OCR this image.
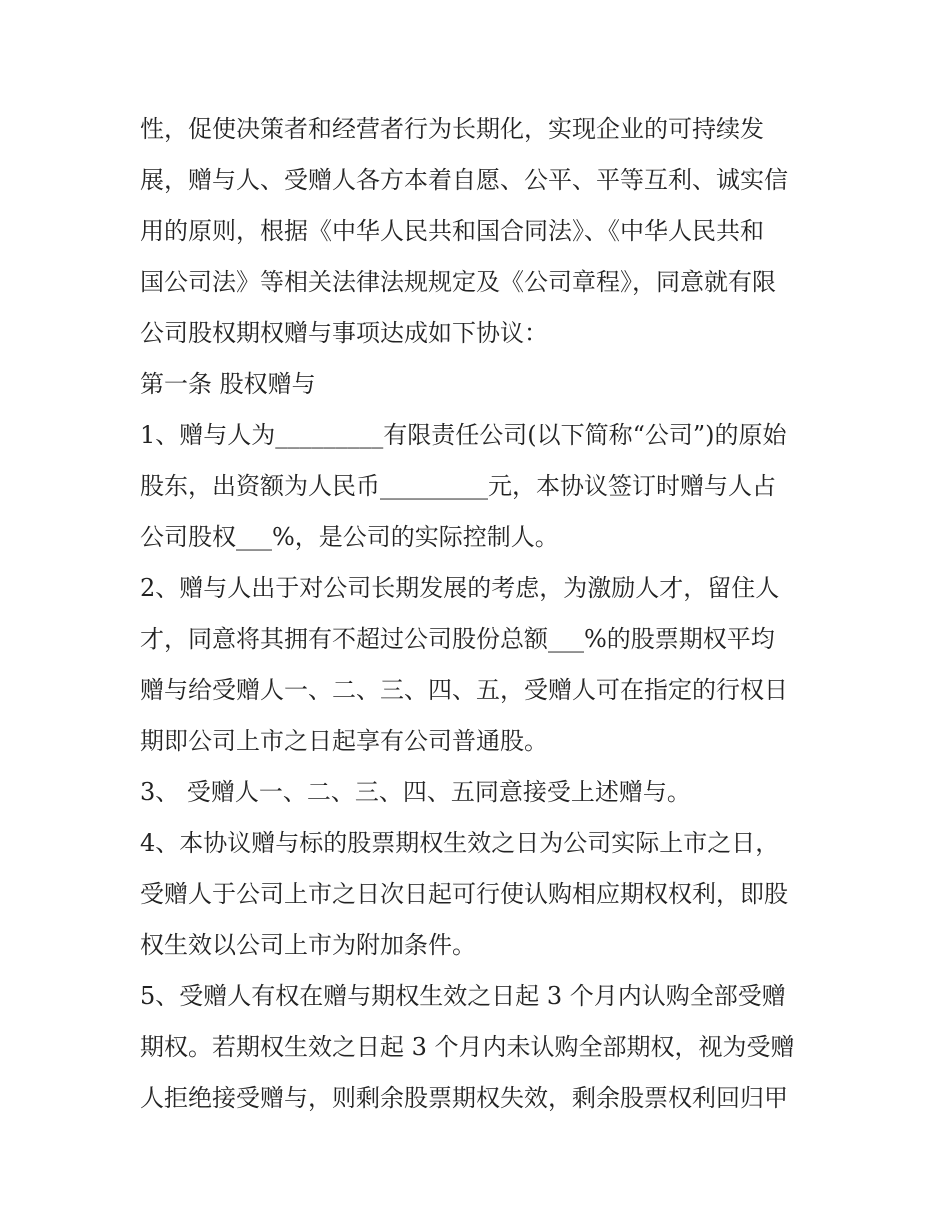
性，促使决策者和经营者行为长期化，实现企业的可持续发
展，赠与人、受赠人各方本着自愿、公平、平等互利、诚实信
用的原则，根据《中华人民共和国合同法》、《中华人民共和
国公司法》等相关法律法规规定及《公司章程》，同意就有限
公司股权期权赠与事项达成如下协议：
第一条 股权赠与
1、赠与人为_________有限责任公司(以下简称“公司”)的原始
股东，出资额为人民币_________元，本协议签订时赠与人占
公司股权___%，是公司的实际控制人。
2、赠与人出于对公司长期发展的考虑，为激励人才，留住人
才，同意将其拥有不超过公司股份总额___%的股票期权平均
赠与给受赠人一、二、三、四、五，受赠人可在指定的行权日
期即公司上市之日起享有公司普通股。
3、 受赠人一、二、三、四、五同意接受上述赠与。
4、本协议赠与标的股票期权生效之日为公司实际上市之日，
受赠人于公司上市之日次日起可行使认购相应期权权利，即股
权生效以公司上市为附加条件。
5、受赠人有权在赠与期权生效之日起 3 个月内认购全部受赠
期权。若期权生效之日起 3 个月内未认购全部期权，视为受赠
人拒绝接受赠与，则剩余股票期权失效，剩余股票权利回归甲
